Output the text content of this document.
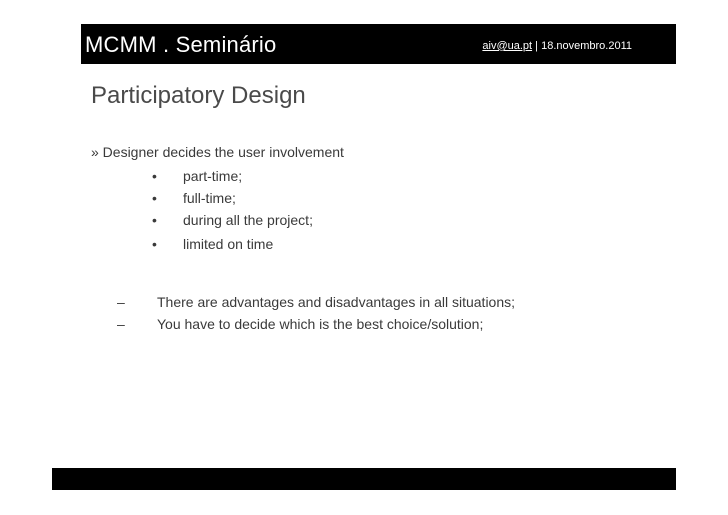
MCMM . Seminário	aiv@ua.pt | 18.novembro.2011
Participatory Design
» Designer decides the user involvement
• part-time;
• full-time;
• during all the project;
• limited on time
– There are advantages and disadvantages in all situations;
– You have to decide which is the best choice/solution;
